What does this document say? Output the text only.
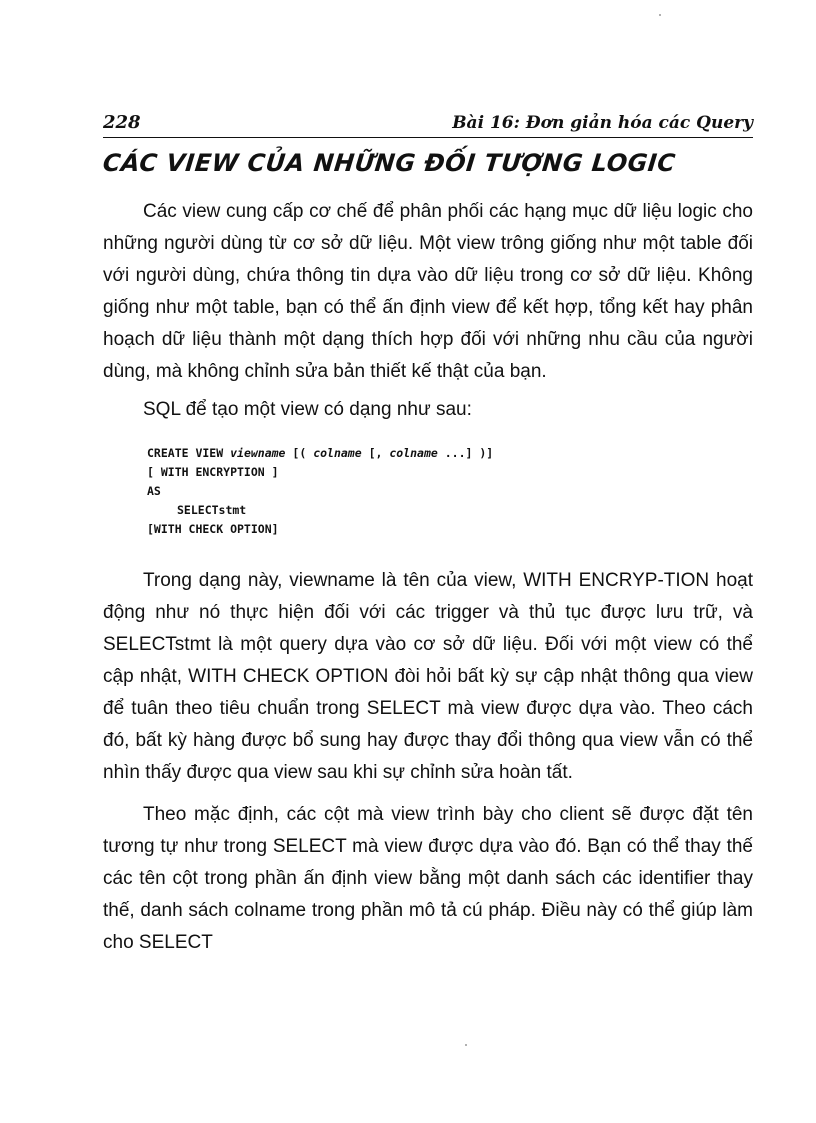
228	Bài 16: Đơn giản hóa các Query
CÁC VIEW CỦA NHỮNG ĐỐI TƯỢNG LOGIC

Các view cung cấp cơ chế để phân phối các hạng mục dữ liệu logic cho những người dùng từ cơ sở dữ liệu. Một view trông giống như một table đối với người dùng, chứa thông tin dựa vào dữ liệu trong cơ sở dữ liệu. Không giống như một table, bạn có thể ấn định view để kết hợp, tổng kết hay phân hoạch dữ liệu thành một dạng thích hợp đối với những nhu cầu của người dùng, mà không chỉnh sửa bản thiết kế thật của bạn.

SQL để tạo một view có dạng như sau:

CREATE VIEW viewname [( colname [, colname ...] )]
[ WITH ENCRYPTION ]
AS
SELECTstmt
[WITH CHECK OPTION]

Trong dạng này, viewname là tên của view, WITH ENCRYP-TION hoạt động như nó thực hiện đối với các trigger và thủ tục được lưu trữ, và SELECTstmt là một query dựa vào cơ sở dữ liệu. Đối với một view có thể cập nhật, WITH CHECK OPTION đòi hỏi bất kỳ sự cập nhật thông qua view để tuân theo tiêu chuẩn trong SELECT mà view được dựa vào. Theo cách đó, bất kỳ hàng được bổ sung hay được thay đổi thông qua view vẫn có thể nhìn thấy được qua view sau khi sự chỉnh sửa hoàn tất.

Theo mặc định, các cột mà view trình bày cho client sẽ được đặt tên tương tự như trong SELECT mà view được dựa vào đó. Bạn có thể thay thế các tên cột trong phần ấn định view bằng một danh sách các identifier thay thế, danh sách colname trong phần mô tả cú pháp. Điều này có thể giúp làm cho SELECT
